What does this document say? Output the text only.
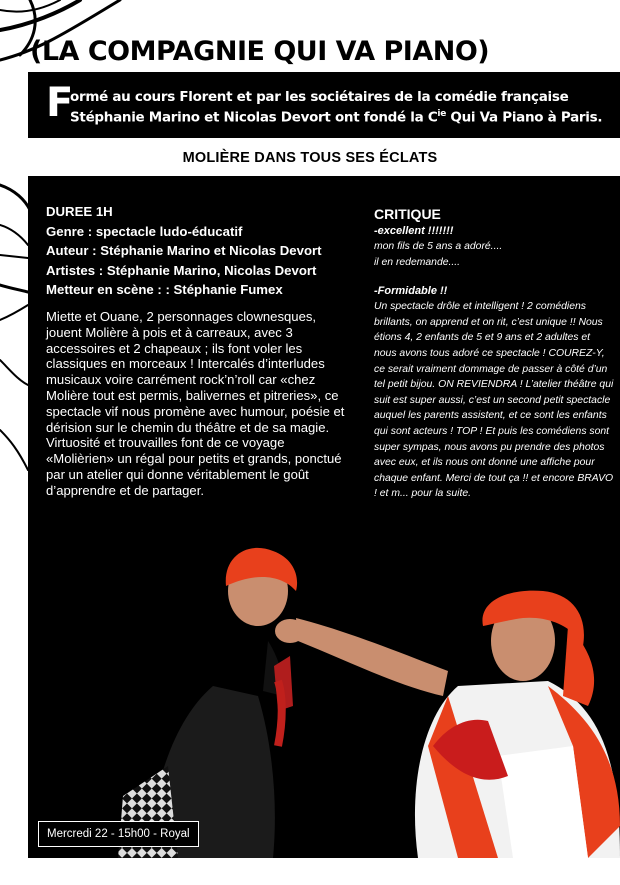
(LA COMPAGNIE QUI VA PIANO)
F
ormé au cours Florent et par les sociétaires de la comédie française
Stéphanie Marino et Nicolas Devort ont fondé la $C^{ie}$ Qui Va Piano à Paris.
MOLIÈRE DANS TOUS SES ÉCLATS
DUREE 1H
Genre : spectacle ludo-éducatif
Auteur : Stéphanie Marino et Nicolas Devort
Artistes : Stéphanie Marino, Nicolas Devort
Metteur en scène : : Stéphanie Fumex

Miette et Ouane, 2 personnages clownesques, jouent Molière à pois et à carreaux, avec 3 accessoires et 2 chapeaux ; ils font voler les classiques en morceaux ! Intercalés d’interludes musicaux voire carrément rock’n’roll car «chez Molière tout est permis, balivernes et pitreries», ce spectacle vif nous promène avec humour, poésie et dérision sur le chemin du théâtre et de sa magie. Virtuosité et trouvailles font de ce voyage «Molièrien» un régal pour petits et grands, ponctué par un atelier qui donne véritablement le goût d’apprendre et de partager.

CRITIQUE
-excellent !!!!!!!
mon fils de 5 ans a adoré....
il en redemande....
-Formidable !!

Un spectacle drôle et intelligent ! 2 comédiens brillants, on apprend et on rit, c’est unique !! Nous étions 4, 2 enfants de 5 et 9 ans et 2 adultes et nous avons tous adoré ce spectacle ! COUREZ-Y, ce serait vraiment dommage de passer à côté d’un tel petit bijou. ON REVIENDRA ! L’atelier théâtre qui suit est super aussi, c’est un second petit spectacle auquel les parents assistent, et ce sont les enfants qui sont acteurs ! TOP ! Et puis les comédiens sont super sympas, nous avons pu prendre des photos avec eux, et ils nous ont donné une affiche pour chaque enfant. Merci de tout ça !! et encore BRAVO ! et m... pour la suite.

Mercredi 22 - 15h00 - Royal
